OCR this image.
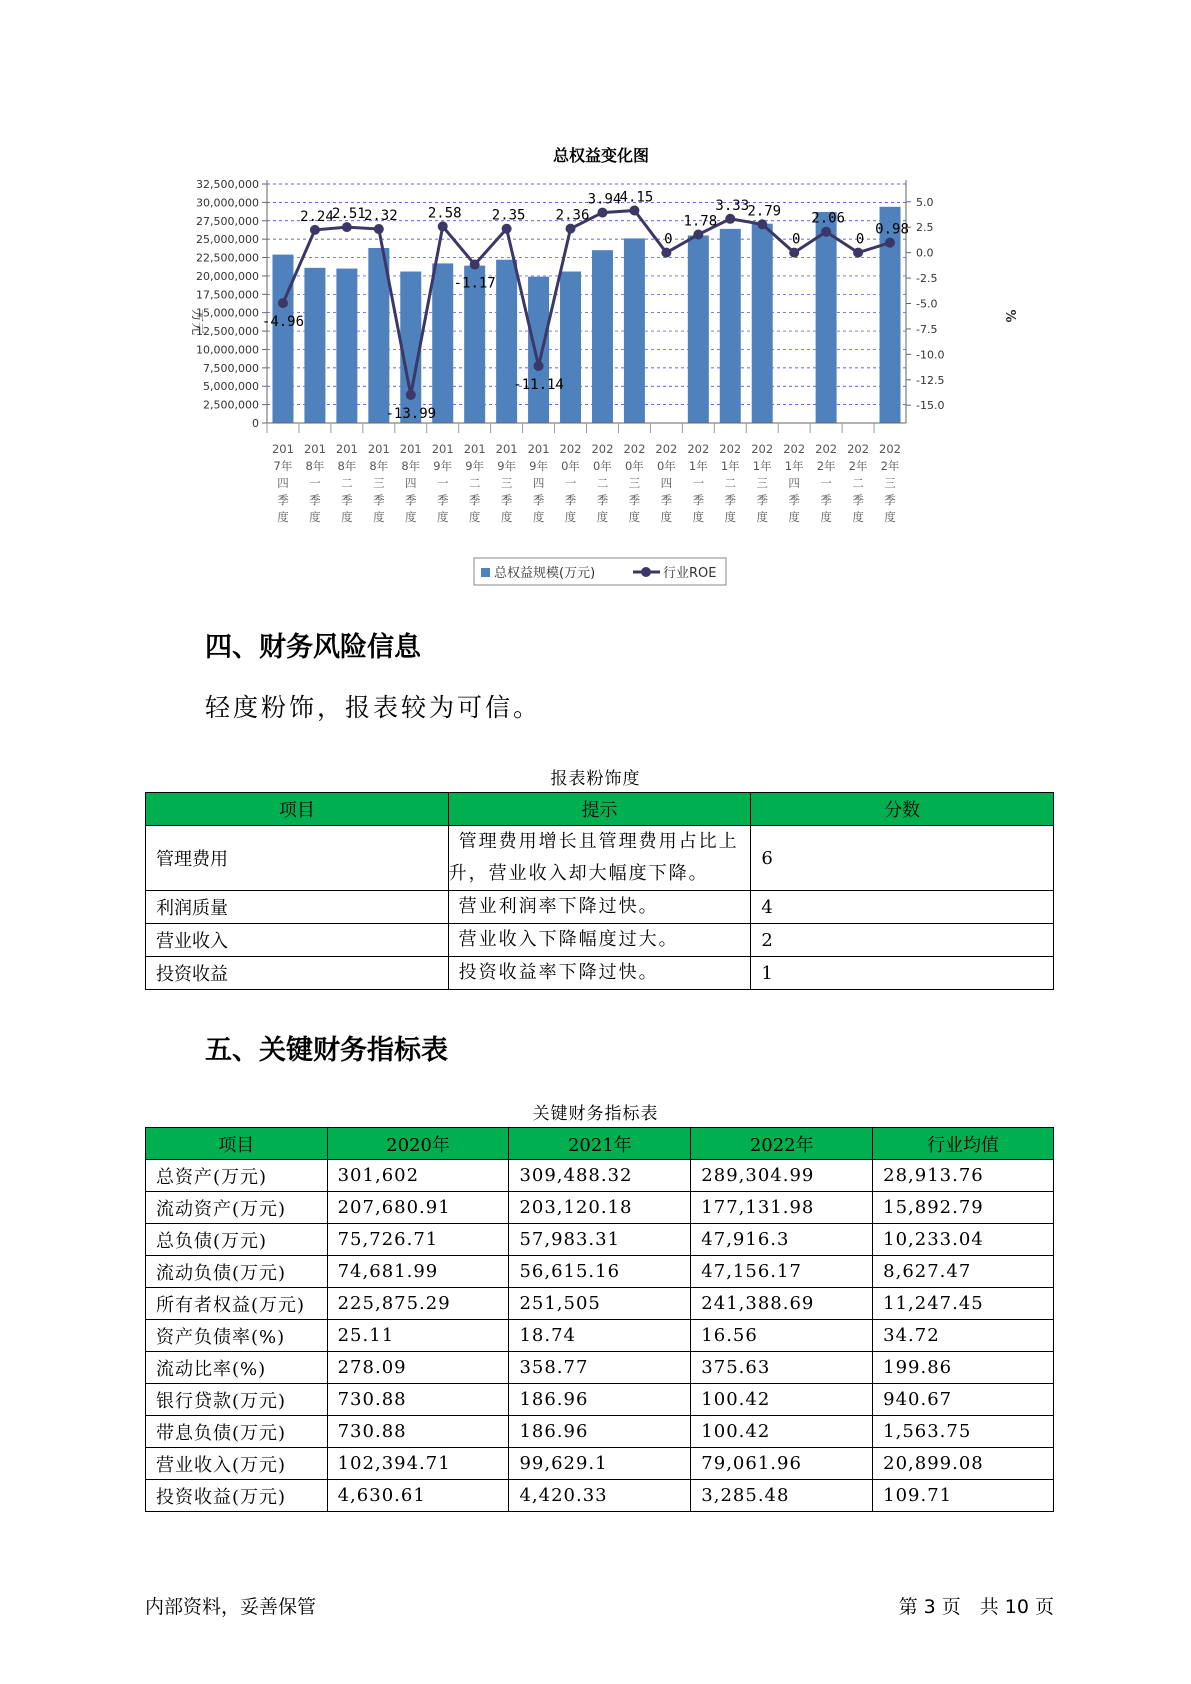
总权益变化图
0
2,500,000
5,000,000
7,500,000
10,000,000
12,500,000
15,000,000
17,500,000
20,000,000
22,500,000
25,000,000
27,500,000
30,000,000
32,500,000
5.0
2.5
0.0
-2.5
-5.0
-7.5
-10.0
-12.5
-15.0
-4.96
2.24
2.51
2.32
-13.99
2.58
-1.17
2.35
-11.14
2.36
3.94
4.15
0
1.78
3.33
2.79
0
2.06
0
0.98
201
7年
四
季
度
201
8年
一
季
度
201
8年
二
季
度
201
8年
三
季
度
201
8年
四
季
度
201
9年
一
季
度
201
9年
二
季
度
201
9年
三
季
度
201
9年
四
季
度
202
0年
一
季
度
202
0年
二
季
度
202
0年
三
季
度
202
0年
四
季
度
202
1年
一
季
度
202
1年
二
季
度
202
1年
三
季
度
202
1年
四
季
度
202
2年
一
季
度
202
2年
二
季
度
202
2年
三
季
度
万元	%
总权益规模(万元)	行业ROE
四、财务风险信息

轻度粉饰，报表较为可信。

报表粉饰度
项目	提示	分数
管理费用	管理费用增长且管理费用占比上
升，营业收入却大幅度下降。	6
利润质量	营业利润率下降过快。	4
营业收入	营业收入下降幅度过大。	2
投资收益	投资收益率下降过快。	1
五、关键财务指标表
关键财务指标表
项目	2020年	2021年	2022年	行业均值
总资产(万元)	301,602	309,488.32	289,304.99	28,913.76
流动资产(万元)	207,680.91	203,120.18	177,131.98	15,892.79
总负债(万元)	75,726.71	57,983.31	47,916.3	10,233.04
流动负债(万元)	74,681.99	56,615.16	47,156.17	8,627.47
所有者权益(万元)	225,875.29	251,505	241,388.69	11,247.45
资产负债率(%)	25.11	18.74	16.56	34.72
流动比率(%)	278.09	358.77	375.63	199.86
银行贷款(万元)	730.88	186.96	100.42	940.67
带息负债(万元)	730.88	186.96	100.42	1,563.75
营业收入(万元)	102,394.71	99,629.1	79,061.96	20,899.08
投资收益(万元)	4,630.61	4,420.33	3,285.48	109.71
内部资料，妥善保管	第 3 页　共 10 页
